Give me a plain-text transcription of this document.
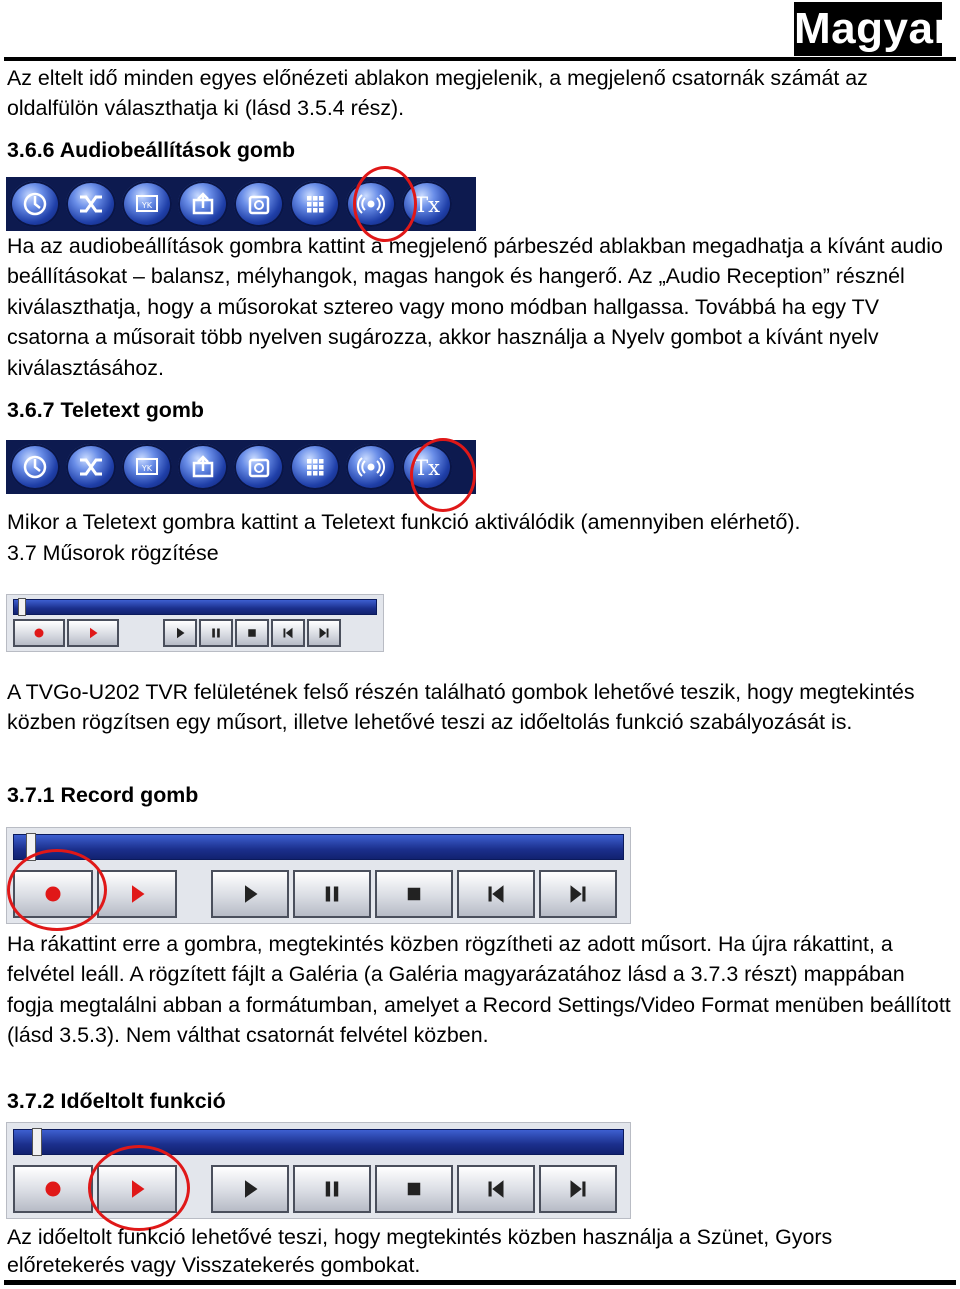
Magyar

Az eltelt idő minden egyes előnézeti ablakon megjelenik, a megjelenő csatornák számát az oldalfülön választhatja ki (lásd 3.5.4 rész).

3.6.6 Audiobeállítások gomb

YK	Tx

Ha az audiobeállítások gombra kattint a megjelenő párbeszéd ablakban megadhatja a kívánt audio beállításokat – balansz, mélyhangok, magas hangok és hangerő. Az „Audio Reception” résznél kiválaszthatja, hogy a műsorokat sztereo vagy mono módban hallgassa. Továbbá ha egy TV csatorna a műsorait több nyelven sugározza, akkor használja a Nyelv gombot a kívánt nyelv kiválasztásához.

3.6.7 Teletext gomb

YK	Tx

Mikor a Teletext gombra kattint a Teletext funkció aktiválódik (amennyiben elérhető).

3.7 Műsorok rögzítése

A TVGo-U202 TVR felületének felső részén található gombok lehetővé teszik, hogy megtekintés közben rögzítsen egy műsort, illetve lehetővé teszi az időeltolás funkció szabályozását is.

3.7.1 Record gomb

Ha rákattint erre a gombra, megtekintés közben rögzítheti az adott műsort. Ha újra rákattint, a felvétel leáll. A rögzített fájlt a Galéria (a Galéria magyarázatához lásd a 3.7.3 részt) mappában fogja megtalálni abban a formátumban, amelyet a Record Settings/Video Format menüben beállított (lásd 3.5.3). Nem válthat csatornát felvétel közben.

3.7.2 Időeltolt funkció

Az időeltolt funkció lehetővé teszi, hogy megtekintés közben használja a Szünet, Gyors előretekerés vagy Visszatekerés gombokat.
